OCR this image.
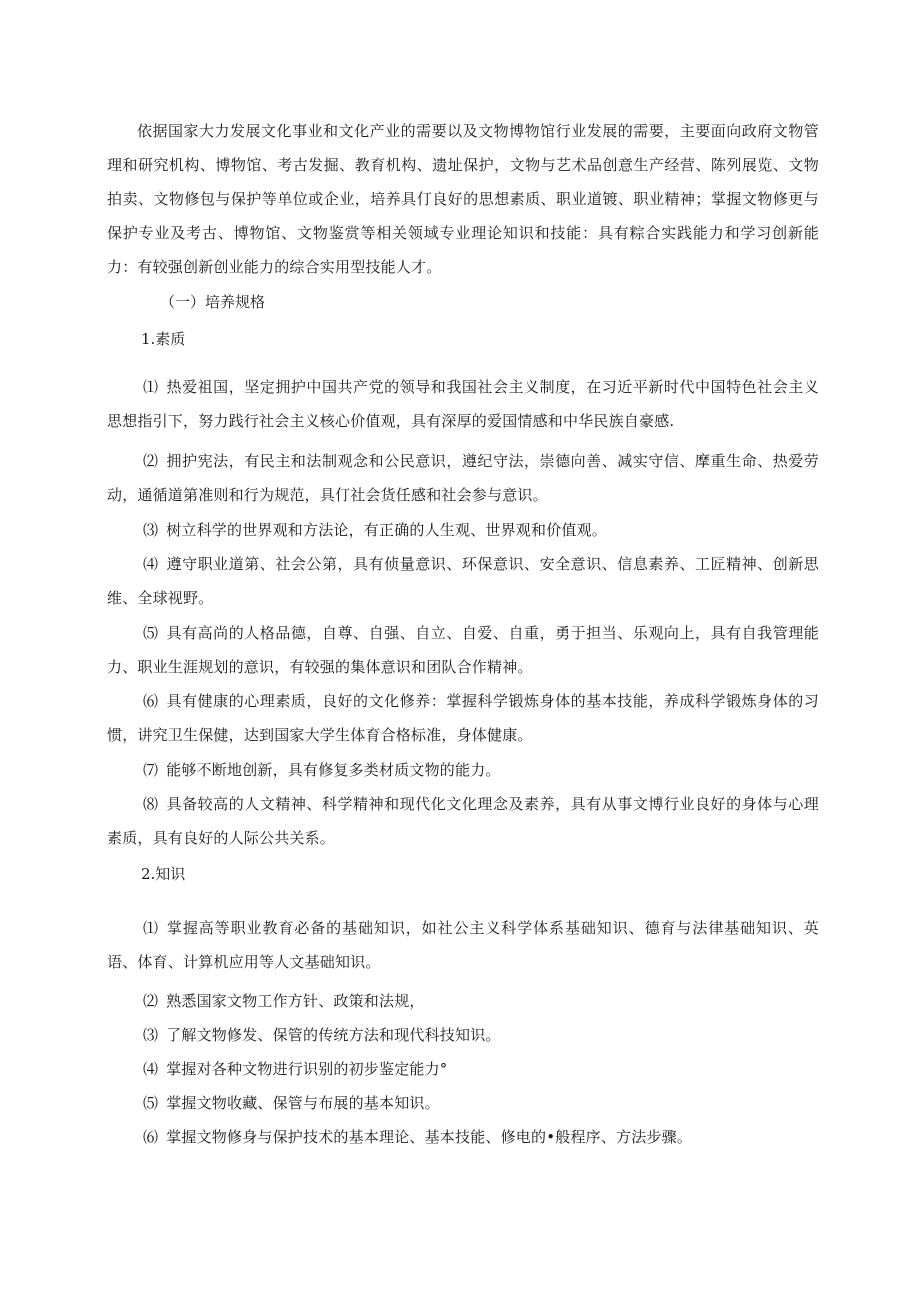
依据国家大力发展文化事业和文化产业的需要以及文物博物馆行业发展的需要，主要面向政府文物管理和研究机构、博物馆、考古发掘、教育机构、遗址保护，文物与艺术品创意生产经营、陈列展览、文物拍卖、文物修包与保护等单位或企业，培养具仃良好的思想素质、职业道镀、职业精神；掌握文物修更与保护专业及考古、博物馆、文物鉴赏等相关领域专业理论知识和技能：具有粽合实践能力和学习创新能力：有较强创新创业能力的综合实用型技能人才。

（一）培养规格

1.素质

⑴ 热爱祖国，坚定拥护中国共产党的领导和我国社会主义制度，在习近平新时代中国特色社会主义思想指引下，努力践行社会主义核心价值观，具有深厚的爱国情感和中华民族自豪感.

⑵ 拥护宪法，有民主和法制观念和公民意识，遵纪守法，崇德向善、减实守信、摩重生命、热爱劳动，通循道第准则和行为规范，具仃社会货任感和社会参与意识。

⑶ 树立科学的世界观和方法论，有正确的人生观、世界观和价值观。

⑷ 遵守职业道第、社会公第，具有侦量意识、环保意识、安全意识、信息素养、工匠精神、创新思维、全球视野。

⑸ 具有高尚的人格品德，自尊、自强、自立、自爱、自重，勇于担当、乐观向上，具有自我管理能力、职业生涯规划的意识，有较强的集体意识和团队合作精神。

⑹ 具有健康的心理素质，良好的文化修养：掌握科学锻炼身体的基本技能，养成科学锻炼身体的习惯，讲究卫生保健，达到国家大学生体育合格标准，身体健康。

⑺ 能够不断地创新，具有修复多类材质文物的能力。

⑻ 具备较高的人文精神、科学精神和现代化文化理念及素养，具有从事文博行业良好的身体与心理素质，具有良好的人际公共关系。

2.知识

⑴ 掌握高等职业教育必备的基础知识，如社公主义科学体系基础知识、德育与法律基础知识、英语、体育、计算机应用等人文基础知识。

⑵ 熟悉国家文物工作方针、政策和法规，

⑶ 了解文物修发、保管的传统方法和现代科技知识。

⑷ 掌握对各种文物进行识别的初步鉴定能力°

⑸ 掌握文物收藏、保管与布展的基本知识。

⑹ 掌握文物修身与保护技术的基本理论、基本技能、修电的•般程序、方法步骤。
